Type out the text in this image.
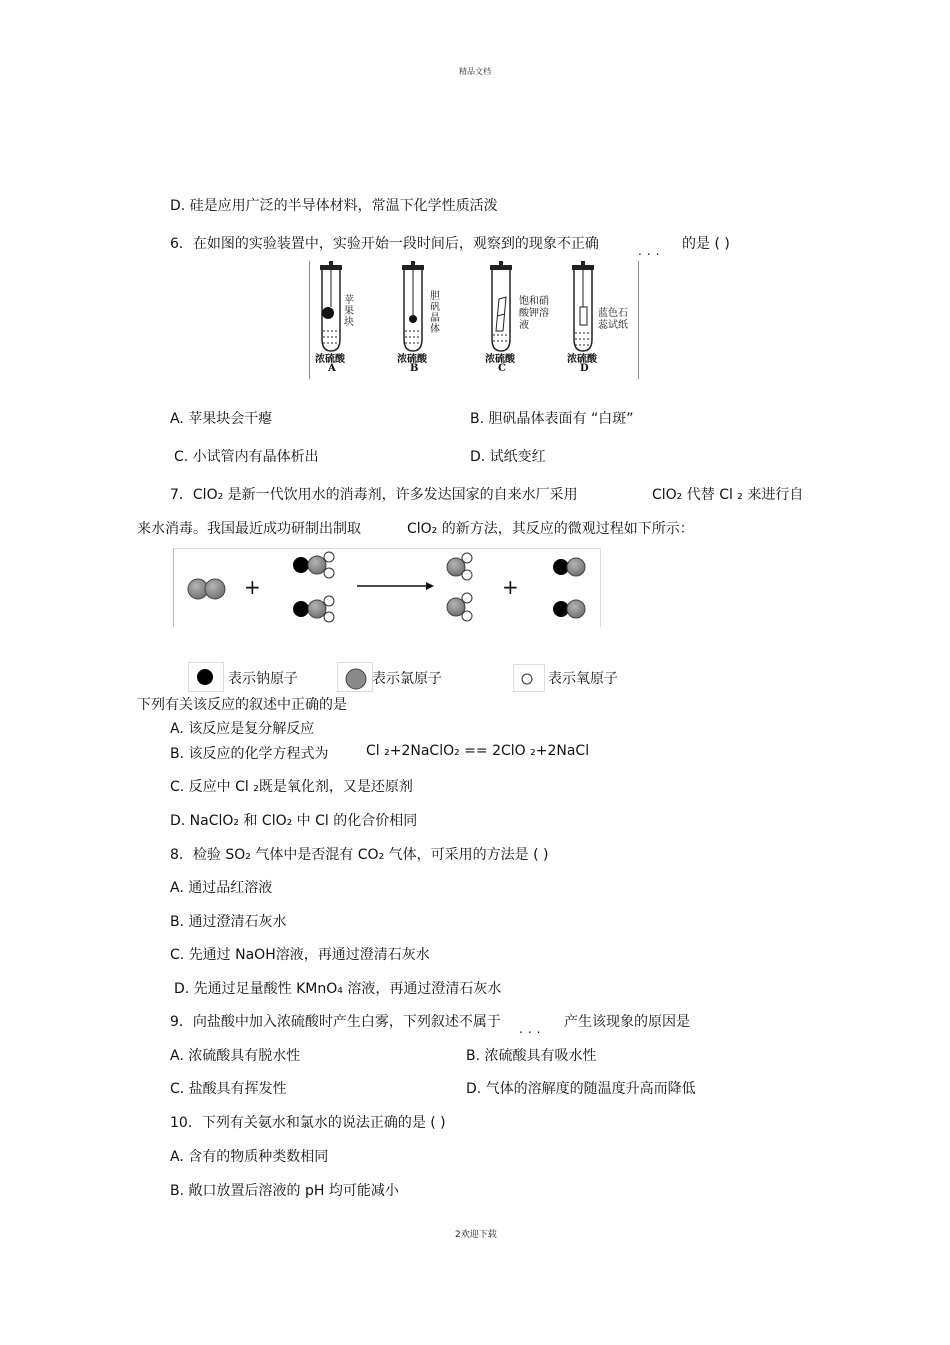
精品文档
D. 硅是应用广泛的半导体材料，常温下化学性质活泼
6．在如图的实验装置中，实验开始一段时间后，观察到的现象不正确	... 的是 ( )
苹果块
胆矾晶体
饱和硝酸钾溶液
蓝色石蕊试纸
浓硫酸	浓硫酸	浓硫酸	浓硫酸
A	B	C	D
A. 苹果块会干瘪	B. 胆矾晶体表面有 “白斑”
C. 小试管内有晶体析出	D. 试纸变红
7．ClO₂ 是新一代饮用水的消毒剂，许多发达国家的自来水厂采用	ClO₂ 代替 Cl ₂ 来进行自
来水消毒。我国最近成功研制出制取	ClO₂ 的新方法，其反应的微观过程如下所示：
+	+
表示钠原子	表示氯原子	表示氧原子
下列有关该反应的叙述中正确的是
A. 该反应是复分解反应
B. 该反应的化学方程式为	Cl ₂+2NaClO₂ == 2ClO ₂+2NaCl
C. 反应中 Cl ₂既是氧化剂，又是还原剂
D. NaClO₂ 和 ClO₂ 中 Cl 的化合价相同
8．检验 SO₂ 气体中是否混有 CO₂ 气体，可采用的方法是 ( )
A. 通过品红溶液
B. 通过澄清石灰水
C. 先通过 NaOH溶液，再通过澄清石灰水
D. 先通过足量酸性 KMnO₄ 溶液，再通过澄清石灰水
9．向盐酸中加入浓硫酸时产生白雾，下列叙述不属于 ... 产生该现象的原因是
A. 浓硫酸具有脱水性	B. 浓硫酸具有吸水性
C. 盐酸具有挥发性	D. 气体的溶解度的随温度升高而降低
10．下列有关氨水和氯水的说法正确的是 ( )
A. 含有的物质种类数相同
B. 敞口放置后溶液的 pH 均可能减小
2欢迎下载
